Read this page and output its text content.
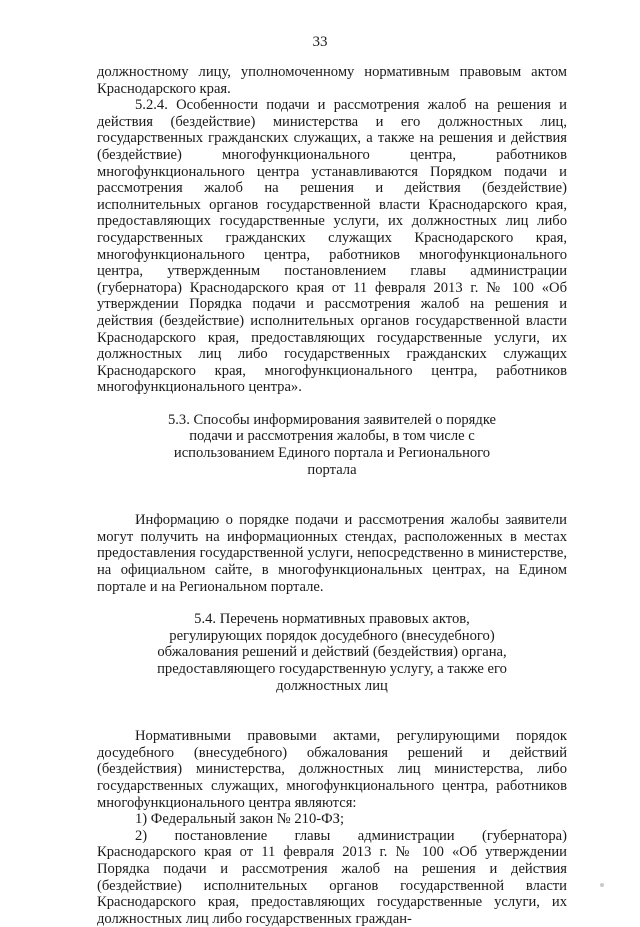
33

должностному лицу, уполномоченному нормативным правовым актом Краснодарского края.

5.2.4. Особенности подачи и рассмотрения жалоб на решения и действия (бездействие) министерства и его должностных лиц, государственных гражданских служащих, а также на решения и действия (бездействие) многофункционального центра, работников многофункционального центра устанавливаются Порядком подачи и рассмотрения жалоб на решения и действия (бездействие) исполнительных органов государственной власти Краснодарского края, предоставляющих государственные услуги, их должностных лиц либо государственных гражданских служащих Краснодарского края, многофункционального центра, работников многофункционального центра, утвержденным постановлением главы администрации (губернатора) Краснодарского края от 11 февраля 2013 г. № 100 «Об утверждении Порядка подачи и рассмотрения жалоб на решения и действия (бездействие) исполнительных органов государственной власти Краснодарского края, предоставляющих государственные услуги, их должностных лиц либо государственных гражданских служащих Краснодарского края, многофункционального центра, работников многофункционального центра».

5.3. Способы информирования заявителей о порядке подачи и рассмотрения жалобы, в том числе с использованием Единого портала и Регионального портала

Информацию о порядке подачи и рассмотрения жалобы заявители могут получить на информационных стендах, расположенных в местах предоставления государственной услуги, непосредственно в министерстве, на официальном сайте, в многофункциональных центрах, на Едином портале и на Региональном портале.

5.4. Перечень нормативных правовых актов, регулирующих порядок досудебного (внесудебного) обжалования решений и действий (бездействия) органа, предоставляющего государственную услугу, а также его должностных лиц

Нормативными правовыми актами, регулирующими порядок досудебного (внесудебного) обжалования решений и действий (бездействия) министерства, должностных лиц министерства, либо государственных служащих, многофункционального центра, работников многофункционального центра являются:

1) Федеральный закон № 210-ФЗ;

2) постановление главы администрации (губернатора) Краснодарского края от 11 февраля 2013 г. № 100 «Об утверждении Порядка подачи и рассмотрения жалоб на решения и действия (бездействие) исполнительных органов государственной власти Краснодарского края, предоставляющих государственные услуги, их должностных лиц либо государственных граждан-
